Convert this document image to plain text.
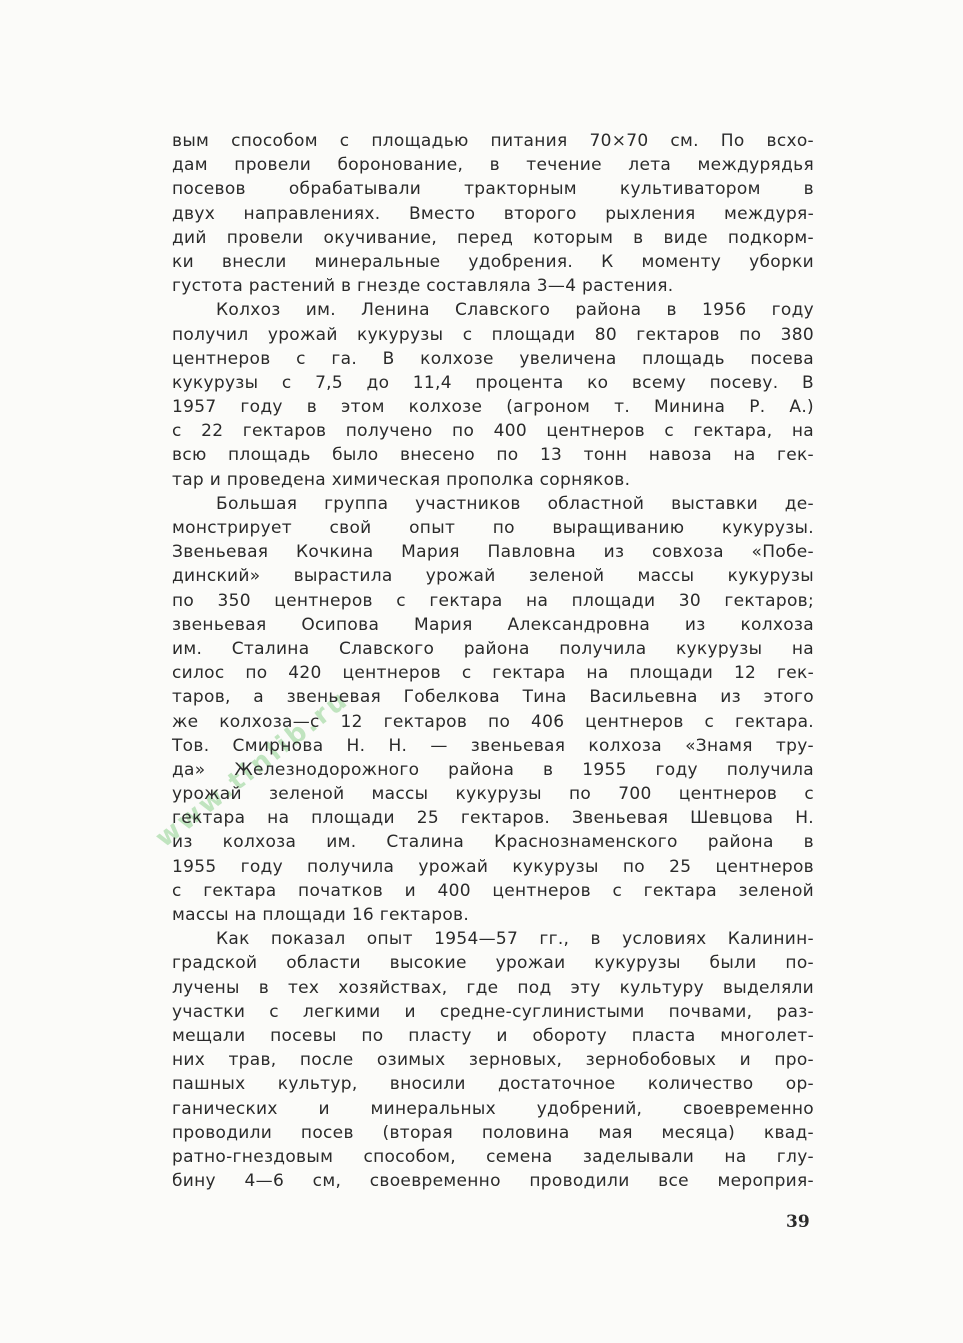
www.tinlib.ru
вым способом с площадью питания 70×70 см. По всхо-
дам провели боронование, в течение лета междурядья
посевов обрабатывали тракторным культиватором в
двух направлениях. Вместо второго рыхления междуря-
дий провели окучивание, перед которым в виде подкорм-
ки внесли минеральные удобрения. К моменту уборки
густота растений в гнезде составляла 3—4 растения.
Колхоз им. Ленина Славского района в 1956 году
получил урожай кукурузы с площади 80 гектаров по 380
центнеров с га. В колхозе увеличена площадь посева
кукурузы с 7,5 до 11,4 процента ко всему посеву. В
1957 году в этом колхозе (агроном т. Минина Р. А.)
с 22 гектаров получено по 400 центнеров с гектара, на
всю площадь было внесено по 13 тонн навоза на гек-
тар и проведена химическая прополка сорняков.
Большая группа участников областной выставки де-
монстрирует свой опыт по выращиванию кукурузы.
Звеньевая Кочкина Мария Павловна из совхоза «Побе-
динский» вырастила урожай зеленой массы кукурузы
по 350 центнеров с гектара на площади 30 гектаров;
звеньевая Осипова Мария Александровна из колхоза
им. Сталина Славского района получила кукурузы на
силос по 420 центнеров с гектара на площади 12 гек-
таров, а звеньевая Гобелкова Тина Васильевна из этого
же колхоза—с 12 гектаров по 406 центнеров с гектара.
Тов. Смирнова Н. Н. — звеньевая колхоза «Знамя тру-
да» Железнодорожного района в 1955 году получила
урожай зеленой массы кукурузы по 700 центнеров с
гектара на площади 25 гектаров. Звеньевая Шевцова Н.
из колхоза им. Сталина Краснознаменского района в
1955 году получила урожай кукурузы по 25 центнеров
с гектара початков и 400 центнеров с гектара зеленой
массы на площади 16 гектаров.
Как показал опыт 1954—57 гг., в условиях Калинин-
градской области высокие урожаи кукурузы были по-
лучены в тех хозяйствах, где под эту культуру выделяли
участки с легкими и средне-суглинистыми почвами, раз-
мещали посевы по пласту и обороту пласта многолет-
них трав, после озимых зерновых, зернобобовых и про-
пашных культур, вносили достаточное количество ор-
ганических и минеральных удобрений, своевременно
проводили посев (вторая половина мая месяца) квад-
ратно-гнездовым способом, семена заделывали на глу-
бину 4—6 см, своевременно проводили все мероприя-
39
